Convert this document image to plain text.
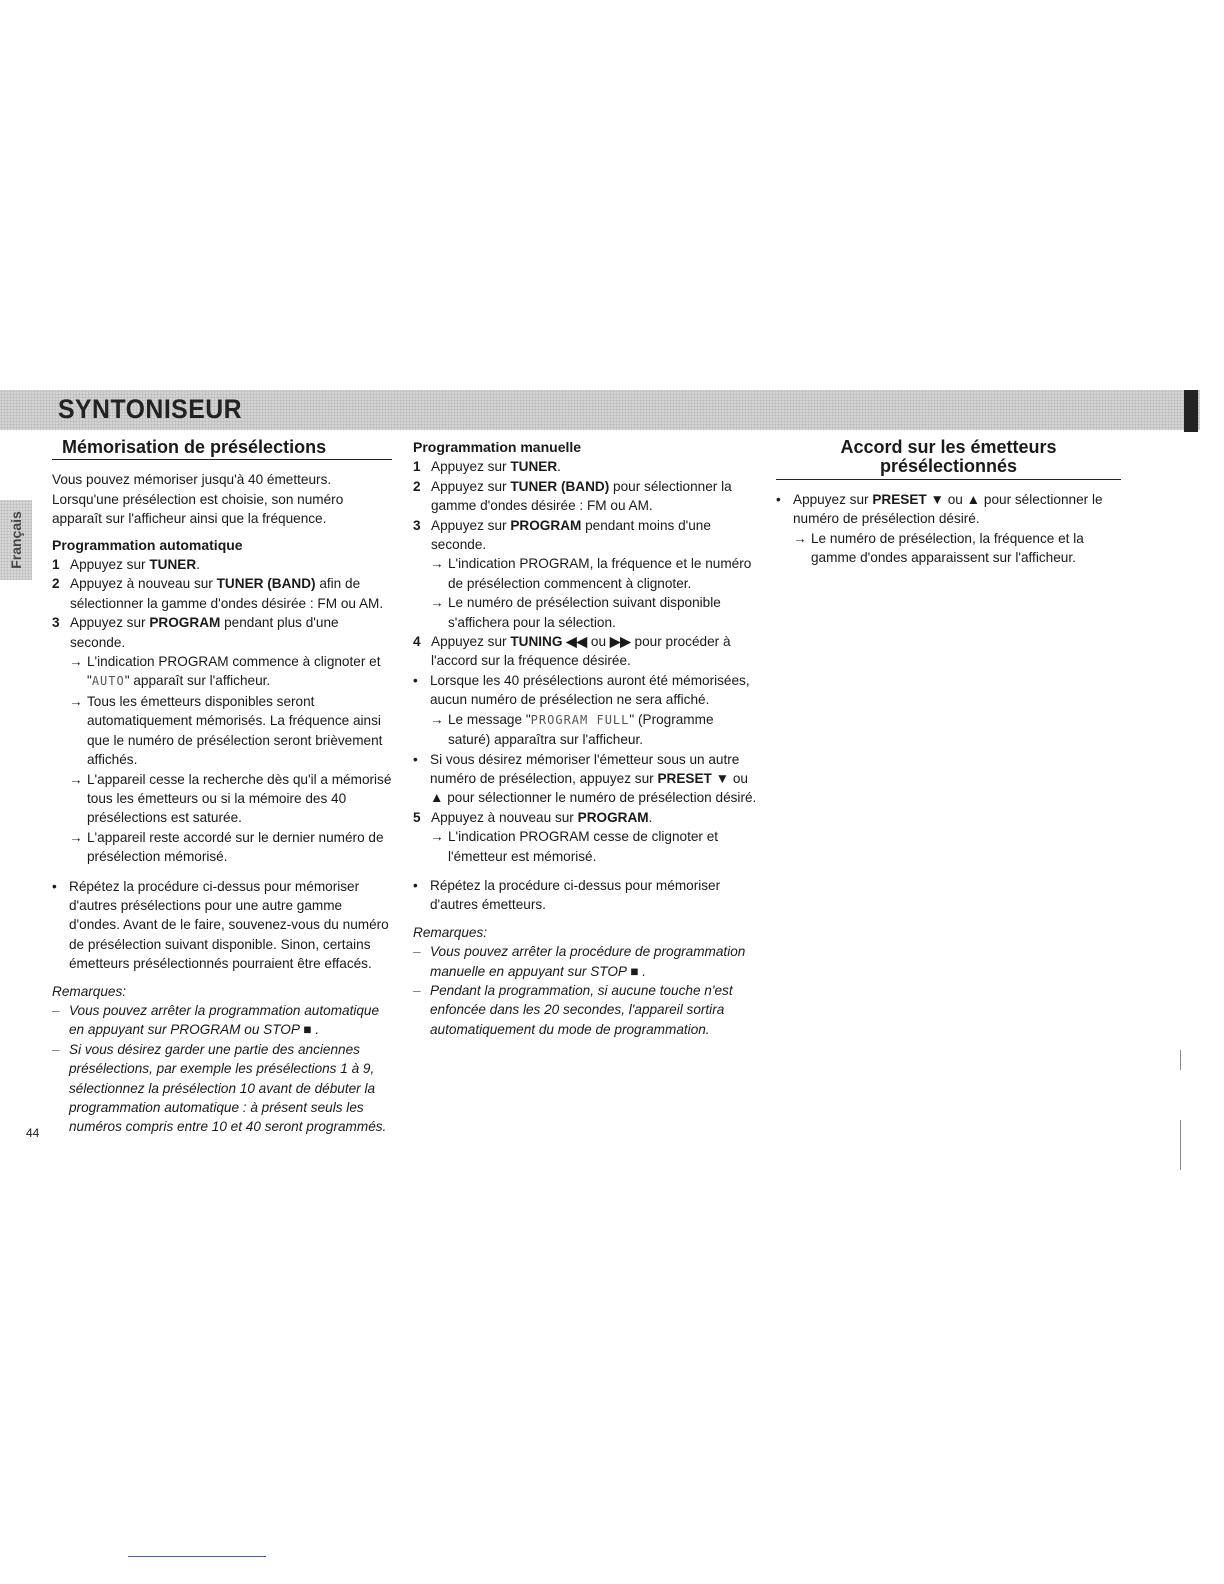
SYNTONISEUR
Français
Mémorisation de présélections

Vous pouvez mémoriser jusqu'à 40 émetteurs. Lorsqu'une présélection est choisie, son numéro apparaît sur l'afficheur ainsi que la fréquence.

Programmation automatique
1 Appuyez sur TUNER.
2 Appuyez à nouveau sur TUNER (BAND) afin de sélectionner la gamme d'ondes désirée : FM ou AM.
3 Appuyez sur PROGRAM pendant plus d'une seconde.
→ L'indication PROGRAM commence à clignoter et "AUTO" apparaît sur l'afficheur.
→ Tous les émetteurs disponibles seront automatiquement mémorisés. La fréquence ainsi que le numéro de présélection seront brièvement affichés.
→ L'appareil cesse la recherche dès qu'il a mémorisé tous les émetteurs ou si la mémoire des 40 présélections est saturée.
→ L'appareil reste accordé sur le dernier numéro de présélection mémorisé.
• Répétez la procédure ci-dessus pour mémoriser d'autres présélections pour une autre gamme d'ondes. Avant de le faire, souvenez-vous du numéro de présélection suivant disponible. Sinon, certains émetteurs présélectionnés pourraient être effacés.

Remarques:

– Vous pouvez arrêter la programmation automatique en appuyant sur PROGRAM ou STOP ■ .
– Si vous désirez garder une partie des anciennes présélections, par exemple les présélections 1 à 9, sélectionnez la présélection 10 avant de débuter la programmation automatique : à présent seuls les numéros compris entre 10 et 40 seront programmés.
Programmation manuelle
1 Appuyez sur TUNER.
2 Appuyez sur TUNER (BAND) pour sélectionner la gamme d'ondes désirée : FM ou AM.
3 Appuyez sur PROGRAM pendant moins d'une seconde.
→ L'indication PROGRAM, la fréquence et le numéro de présélection commencent à clignoter.
→ Le numéro de présélection suivant disponible s'affichera pour la sélection.
4 Appuyez sur TUNING ◀◀ ou ▶▶ pour procéder à l'accord sur la fréquence désirée.
• Lorsque les 40 présélections auront été mémorisées, aucun numéro de présélection ne sera affiché.
→ Le message "PROGRAM FULL" (Programme saturé) apparaîtra sur l'afficheur.
• Si vous désirez mémoriser l'émetteur sous un autre numéro de présélection, appuyez sur PRESET ▼ ou ▲ pour sélectionner le numéro de présélection désiré.
5 Appuyez à nouveau sur PROGRAM.
→ L'indication PROGRAM cesse de clignoter et l'émetteur est mémorisé.
• Répétez la procédure ci-dessus pour mémoriser d'autres émetteurs.

Remarques:

– Vous pouvez arrêter la procédure de programmation manuelle en appuyant sur STOP ■ .
– Pendant la programmation, si aucune touche n'est enfoncée dans les 20 secondes, l'appareil sortira automatiquement du mode de programmation.
Accord sur les émetteurs présélectionnés
• Appuyez sur PRESET ▼ ou ▲ pour sélectionner le numéro de présélection désiré.
→ Le numéro de présélection, la fréquence et la gamme d'ondes apparaissent sur l'afficheur.
44
